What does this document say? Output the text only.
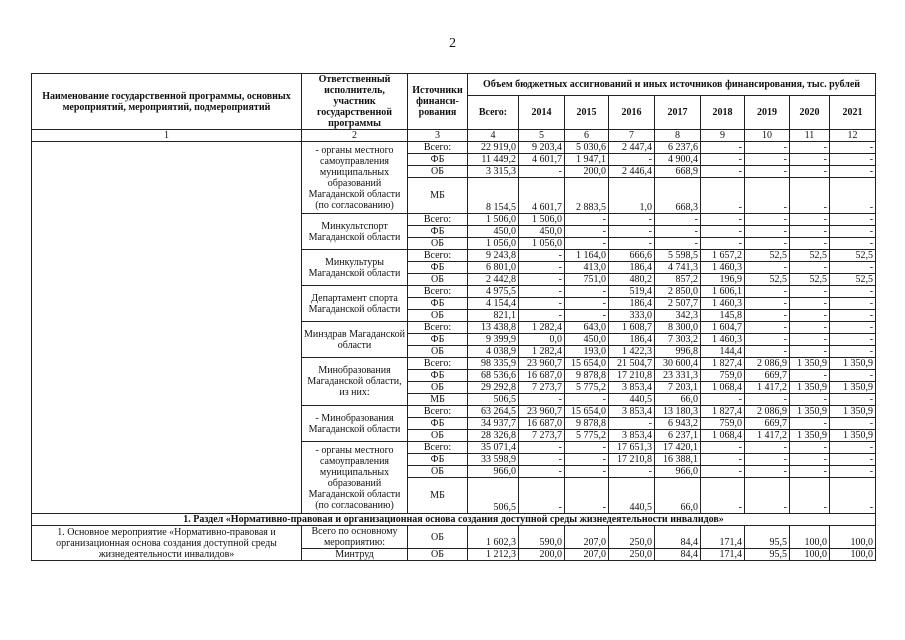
2
Наименование государственной программы, основных мероприятий, мероприятий, подмероприятий	Ответственный исполнитель, участник государственной программы	Источники финанси-рования	Объем бюджетных ассигнований и иных источников финансирования, тыс. рублей								
			Всего:	2014	2015	2016	2017	2018	2019	2020	2021
1	2	3	4	5	6	7	8	9	10	11	12
	- органы местного самоуправления муниципальных образований Магаданской области (по согласованию)	Всего:	22 919,0	9 203,4	5 030,6	2 447,4	6 237,6	-	-	-	-
		ФБ	11 449,2	4 601,7	1 947,1	-	4 900,4	-	-	-	-
		ОБ	3 315,3	-	200,0	2 446,4	668,9	-	-	-	-
		МБ	8 154,5	4 601,7	2 883,5	1,0	668,3	-	-	-	-
	Минкультспорт Магаданской области	Всего:	1 506,0	1 506,0	-	-	-	-	-	-	-
		ФБ	450,0	450,0	-	-	-	-	-	-	-
		ОБ	1 056,0	1 056,0	-	-	-	-	-	-	-
	Минкультуры Магаданской области	Всего:	9 243,8	-	1 164,0	666,6	5 598,5	1 657,2	52,5	52,5	52,5
		ФБ	6 801,0	-	413,0	186,4	4 741,3	1 460,3	-	-	-
		ОБ	2 442,8	-	751,0	480,2	857,2	196,9	52,5	52,5	52,5
	Департамент спорта Магаданской области	Всего:	4 975,5	-	-	519,4	2 850,0	1 606,1	-	-	-
		ФБ	4 154,4	-	-	186,4	2 507,7	1 460,3	-	-	-
		ОБ	821,1	-	-	333,0	342,3	145,8	-	-	-
	Минздрав Магаданской области	Всего:	13 438,8	1 282,4	643,0	1 608,7	8 300,0	1 604,7	-	-	-
		ФБ	9 399,9	0,0	450,0	186,4	7 303,2	1 460,3	-	-	-
		ОБ	4 038,9	1 282,4	193,0	1 422,3	996,8	144,4	-	-	-
	Минобразования Магаданской области, из них:	Всего:	98 335,9	23 960,7	15 654,0	21 504,7	30 600,4	1 827,4	2 086,9	1 350,9	1 350,9
		ФБ	68 536,6	16 687,0	9 878,8	17 210,8	23 331,3	759,0	669,7	-	-
		ОБ	29 292,8	7 273,7	5 775,2	3 853,4	7 203,1	1 068,4	1 417,2	1 350,9	1 350,9
		МБ	506,5	-	-	440,5	66,0	-	-	-	-
	- Минобразования Магаданской области	Всего:	63 264,5	23 960,7	15 654,0	3 853,4	13 180,3	1 827,4	2 086,9	1 350,9	1 350,9
		ФБ	34 937,7	16 687,0	9 878,8	-	6 943,2	759,0	669,7	-	-
		ОБ	28 326,8	7 273,7	5 775,2	3 853,4	6 237,1	1 068,4	1 417,2	1 350,9	1 350,9
	- органы местного самоуправления муниципальных образований Магаданской области (по согласованию)	Всего:	35 071,4	-	-	17 651,3	17 420,1	-	-	-	-
		ФБ	33 598,9	-	-	17 210,8	16 388,1	-	-	-	-
		ОБ	966,0	-	-	-	966,0	-	-	-	-
		МБ	506,5	-	-	440,5	66,0	-	-	-	-
1. Раздел «Нормативно-правовая и организационная основа создания доступной среды жизнедеятельности инвалидов»											
1. Основное мероприятие «Нормативно-правовая и организационная основа создания доступной среды жизнедеятельности инвалидов»	Всего по основному мероприятию:	ОБ	1 602,3	590,0	207,0	250,0	84,4	171,4	95,5	100,0	100,0
	Минтруд	ОБ	1 212,3	200,0	207,0	250,0	84,4	171,4	95,5	100,0	100,0
